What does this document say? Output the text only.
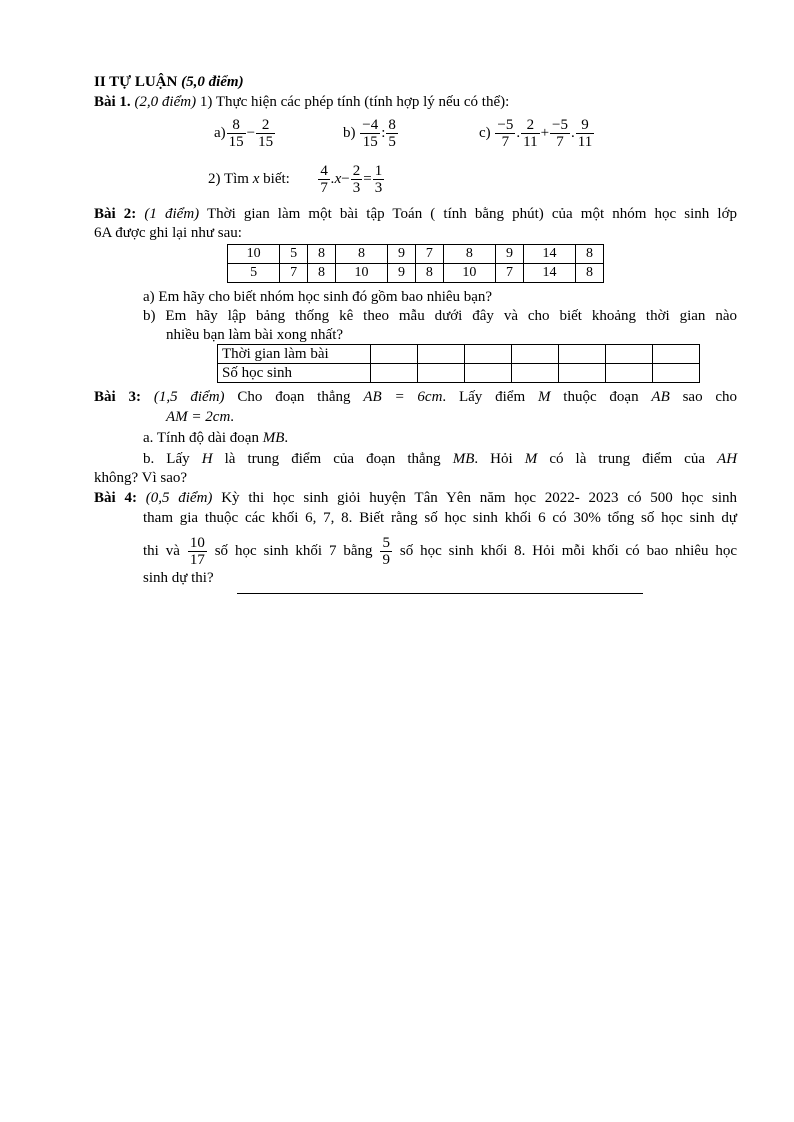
II TỰ LUẬN (5,0 điểm)
Bài 1. (2,0 điểm) 1) Thực hiện các phép tính (tính hợp lý nếu có thể):
$a) \frac{8}{15} - \frac{2}{15}$	$b) \frac{-4}{15}$ : $\frac{8}{5}$	$c) \frac{-5}{7}$ . $\frac{2}{11} + \frac{-5}{7}$ . $\frac{9}{11}$
2) Tìm x biết: $\frac{4}{7} .x- \frac{2}{3} = \frac{1}{3}$
Bài 2: (1 điểm) Thời gian làm một bài tập Toán ( tính bằng phút) của một nhóm học sinh lớp
6A được ghi lại như sau:
10	5	8	8	9	7	8	9	14	8
5	7	8	10	9	8	10	7	14	8
a) Em hãy cho biết nhóm học sinh đó gồm bao nhiêu bạn?
b) Em hãy lập bảng thống kê theo mẫu dưới đây và cho biết khoảng thời gian nào
nhiều bạn làm bài xong nhất?
Thời gian làm bài							
Số học sinh							
Bài 3: (1,5 điểm) Cho đoạn thẳng AB = 6cm. Lấy điểm M thuộc đoạn AB sao cho
AM = 2cm.
a. Tính độ dài đoạn MB.
b. Lấy H là trung điểm của đoạn thẳng MB. Hỏi M có là trung điểm của AH
không? Vì sao?
Bài 4: (0,5 điểm) Kỳ thi học sinh giỏi huyện Tân Yên năm học 2022- 2023 có 500 học sinh
tham gia thuộc các khối 6, 7, 8. Biết rằng số học sinh khối 6 có 30% tổng số học sinh dự
thi và $\frac{10}{17}$ số học sinh khối 7 bằng $\frac{5}{9}$ số học sinh khối 8. Hỏi mỗi khối có bao nhiêu học
sinh dự thi?
